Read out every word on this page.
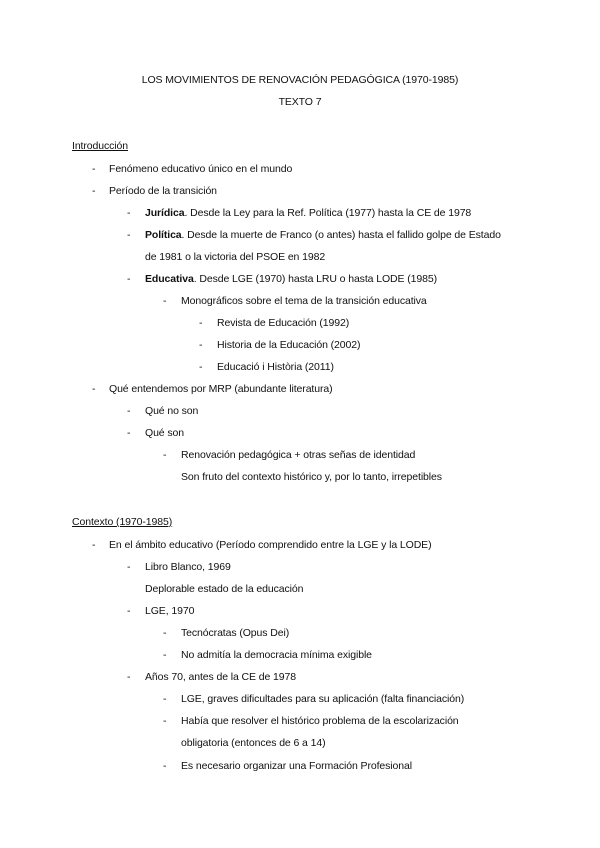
LOS MOVIMIENTOS DE RENOVACIÓN PEDAGÓGICA (1970-1985)
TEXTO 7
Introducción
- Fenómeno educativo único en el mundo
- Período de la transición
- Jurídica. Desde la Ley para la Ref. Política (1977) hasta la CE de 1978
- Política. Desde la muerte de Franco (o antes) hasta el fallido golpe de Estado
de 1981 o la victoria del PSOE en 1982
- Educativa. Desde LGE (1970) hasta LRU o hasta LODE (1985)
- Monográficos sobre el tema de la transición educativa
- Revista de Educación (1992)
- Historia de la Educación (2002)
- Educació i Història (2011)
- Qué entendemos por MRP (abundante literatura)
- Qué no son
- Qué son
- Renovación pedagógica + otras señas de identidad
Son fruto del contexto histórico y, por lo tanto, irrepetibles
Contexto (1970-1985)
- En el ámbito educativo (Período comprendido entre la LGE y la LODE)
- Libro Blanco, 1969
Deplorable estado de la educación
- LGE, 1970
- Tecnócratas (Opus Dei)
- No admitía la democracia mínima exigible
- Años 70, antes de la CE de 1978
- LGE, graves dificultades para su aplicación (falta financiación)
- Había que resolver el histórico problema de la escolarización
obligatoria (entonces de 6 a 14)
- Es necesario organizar una Formación Profesional
